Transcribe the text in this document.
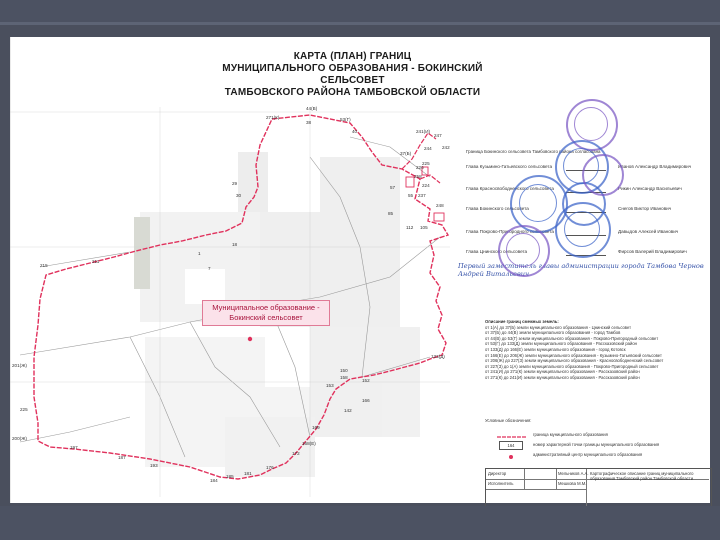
КАРТА (ПЛАН) ГРАНИЦ
МУНИЦИПАЛЬНОГО ОБРАЗОВАНИЯ - БОКИНСКИЙ СЕЛЬСОВЕТ
ТАМБОВСКОГО РАЙОНА ТАМБОВСКОЙ ОБЛАСТИ
44(В)
271(К)	53(Г)
40	241(И)
247
242
244
37(Б)
225
224
226
258
237
248
29
30
57
55
85
112 105
18
211
215
1
7
201(Ж)
133(Д)
150
153
158
152
166
142
225
200(Ж)
197
187
193
184
185
181
176
172
168(Е)
169
38
Муниципальное образование -
Бокинский сельсовет
Граница Бокинского сельсовета Тамбовского района согласована
Глава Кузьмино-Гатьевского сельсовета	Иванов Александр Владимирович
Глава Красносвободненского сельсовета	Рикин Александр Васильевич
Глава Бокинского сельсовета	Снегов Виктор Иванович
Глава Покрово-Пригородного сельсовета	Давыдов Алексей Иванович
Глава Цнинского сельсовета	Фирсов Валерий Владимирович
Первый заместитель главы администрации города Тамбова Чернов Андрей Витальевич
Описание границ смежных земель:
от 1(А) до 37(Б) земли муниципального образования - Цнинский сельсовет
от 37(Б) до 44(В) земли муниципального образования - город Тамбов
от 44(В) до 53(Г) земли муниципального образования - Покрово-Пригородный сельсовет
от 53(Г) до 133(Д) земли муниципального образования - Рассказовский район
от 133(Д) до 166(Е) земли муниципального образования - город Котовск
от 166(Е) до 206(Ж) земли муниципального образования - Кузьмино-Гатьевский сельсовет
от 206(Ж) до 227(З) земли муниципального образования - Красносвободненский сельсовет
от 227(З) до 1(А) земли муниципального образования - Покрово-Пригородный сельсовет
от 241(И) до 271(К) земли муниципального образования - Рассказовский район
от 271(К) до 241(И) земли муниципального образования - Рассказовский район
Условные обозначения:
граница муниципального образования
164	номер характерной точки границы муниципального образования
административный центр муниципального образования
Директор	Мельников А.А.
Исполнитель	Мешкова М.М.
Картографическое описание границ муниципального образования Тамбовский район Тамбовской области
